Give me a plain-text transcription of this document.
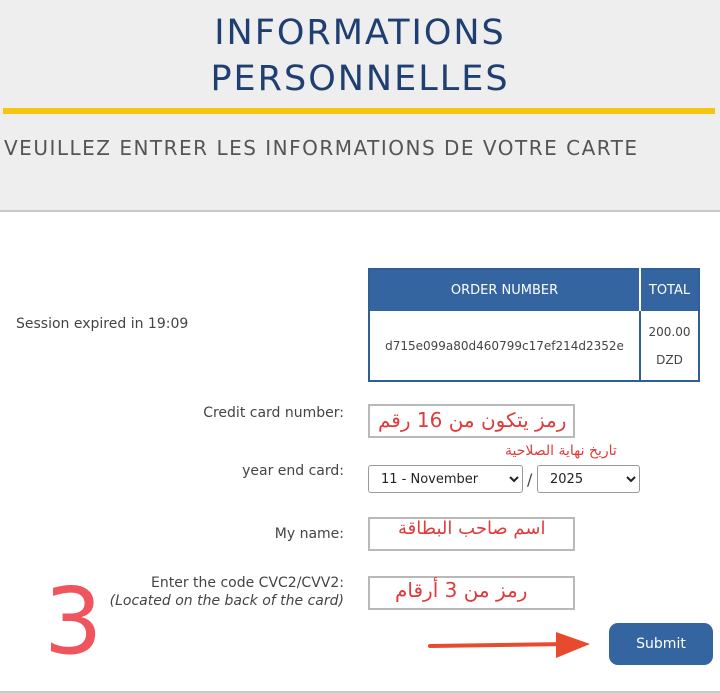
INFORMATIONS
PERSONNELLES
VEUILLEZ ENTRER LES INFORMATIONS DE VOTRE CARTE
Session expired in 19:09
ORDER NUMBER	TOTAL
d715e099a80d460799c17ef214d2352e	200.00
DZD
Credit card number: رمز يتكون من 16 رقم
تاريخ نهاية الصلاحية
year end card:
11 - November	/
2025
My name:	اسم صاحب البطاقة
Enter the code CVC2/CVV2:
(Located on the back of the card)	رمز من 3 أرقام
3	Submit
